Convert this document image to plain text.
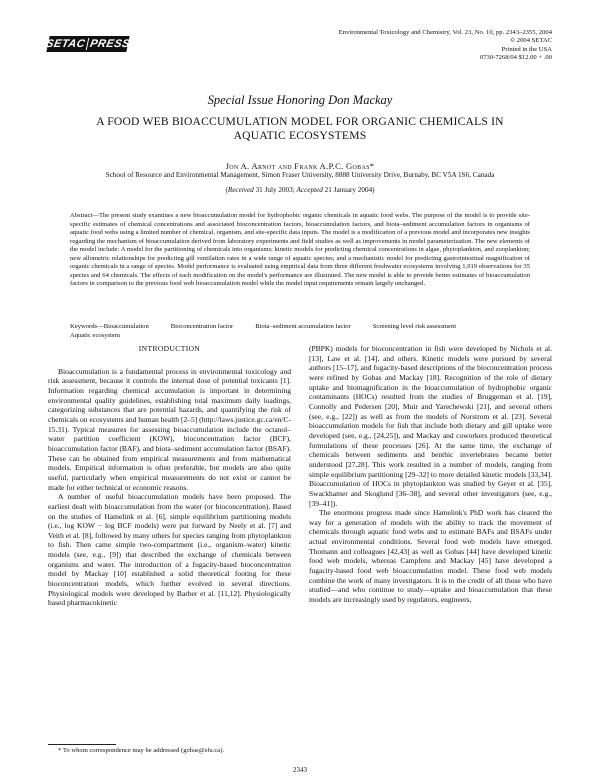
SETAC PRESS
Environmental Toxicology and Chemistry, Vol. 23, No. 10, pp. 2343–2355, 2004
© 2004 SETAC
Printed in the USA
0730-7268/04 $12.00 + .00
Special Issue Honoring Don Mackay
A FOOD WEB BIOACCUMULATION MODEL FOR ORGANIC CHEMICALS IN AQUATIC ECOSYSTEMS
Jon A. Arnot and Frank A.P.C. Gobas*
School of Resource and Environmental Management, Simon Fraser University, 8888 University Drive, Burnaby, BC V5A 1S6, Canada
(Received 31 July 2003; Accepted 21 January 2004)
Abstract—The present study examines a new bioaccumulation model for hydrophobic organic chemicals in aquatic food webs. The purpose of the model is to provide site-specific estimates of chemical concentrations and associated bioconcentration factors, bioaccumulation factors, and biota–sediment accumulation factors in organisms of aquatic food webs using a limited number of chemical, organism, and site-specific data inputs. The model is a modification of a previous model and incorporates new insights regarding the mechanism of bioaccumulation derived from laboratory experiments and field studies as well as improvements in model parameterization. The new elements of the model include: A model for the partitioning of chemicals into organisms; kinetic models for predicting chemical concentrations in algae, phytoplankton, and zooplankton; new allometric relationships for predicting gill ventilation rates in a wide range of aquatic species; and a mechanistic model for predicting gastrointestinal magnification of organic chemicals in a range of species. Model performance is evaluated using empirical data from three different freshwater ecosystems involving 1,019 observations for 35 species and 64 chemicals. The effects of each modification on the model's performance are illustrated. The new model is able to provide better estimates of bioaccumulation factors in comparison to the previous food web bioaccumulation model while the model input requirements remain largely unchanged.
Keywords—Bioaccumulation	Bioconcentration factor	Biota–sediment accumulation factor	Screening level risk assessmentAquatic ecosystem

INTRODUCTION

Bioaccumulation is a fundamental process in environmental toxicology and risk assessment, because it controls the internal dose of potential toxicants [1]. Information regarding chemical accumulation is important in determining environmental quality guidelines, establishing total maximum daily loadings, categorizing substances that are potential hazards, and quantifying the risk of chemicals on ecosystems and human health [2–5] (http://laws.justice.gc.ca/en/C-15.31). Typical measures for assessing bioaccumulation include the octanol–water partition coefficient (KOW), bioconcentration factor (BCF), bioaccumulation factor (BAF), and biota–sediment accumulation factor (BSAF). These can be obtained from empirical measurements and from mathematical models. Empirical information is often preferable, but models are also quite useful, particularly when empirical measurements do not exist or cannot be made for either technical or economic reasons.

A number of useful bioaccumulation models have been proposed. The earliest dealt with bioaccumulation from the water (or bioconcentration). Based on the studies of Hamelink et al. [6], simple equilibrium partitioning models (i.e., log KOW − log BCF models) were put forward by Neely et al. [7] and Veith et al. [8], followed by many others for species ranging from phytoplankton to fish. Then came simple two-compartment (i.e., organism–water) kinetic models (see, e.g., [9]) that described the exchange of chemicals between organisms and water. The introduction of a fugacity-based bioconcentration model by Mackay [10] established a solid theoretical footing for these bioconcentration models, which further evolved in several directions. Physiological models were developed by Barber et al. [11,12]. Physiologically based pharmacokinetic

(PBPK) models for bioconcentration in fish were developed by Nichols et al. [13], Law et al. [14], and others. Kinetic models were pursued by several authors [15–17], and fugacity-based descriptions of the bioconcentration process were refined by Gobas and Mackay [18]. Recognition of the role of dietary uptake and biomagnification in the bioaccumulation of hydrophobic organic contaminants (HOCs) resulted from the studies of Bruggeman et al. [19], Connolly and Pedersen [20], Muir and Yarechewski [21], and several others (see, e.g., [22]) as well as from the models of Norstrom et al. [23]. Several bioaccumulation models for fish that include both dietary and gill uptake were developed (see, e.g., [24,25]), and Mackay and coworkers produced theoretical formulations of these processes [26]. At the same time, the exchange of chemicals between sediments and benthic invertebrates became better understood [27,28]. This work resulted in a number of models, ranging from simple equilibrium partitioning [29–32] to more detailed kinetic models [33,34]. Bioaccumulation of HOCs in phytoplankton was studied by Geyer et al. [35], Swackhamer and Skoglund [36–38], and several other investigators (see, e.g., [39–41]).

The enormous progress made since Hamelink's PhD work has cleared the way for a generation of models with the ability to track the movement of chemicals through aquatic food webs and to estimate BAFs and BSAFs under actual environmental conditions. Several food web models have emerged. Thomann and colleagues [42,43] as well as Gobas [44] have developed kinetic food web models, whereas Campfens and Mackay [45] have developed a fugacity-based food web bioaccumulation model. These food web models combine the work of many investigators. It is to the credit of all those who have studied—and who continue to study—uptake and bioaccumulation that these models are increasingly used by regulators, engineers,

* To whom correspondence may be addressed (gobas@sfu.ca).
2343
